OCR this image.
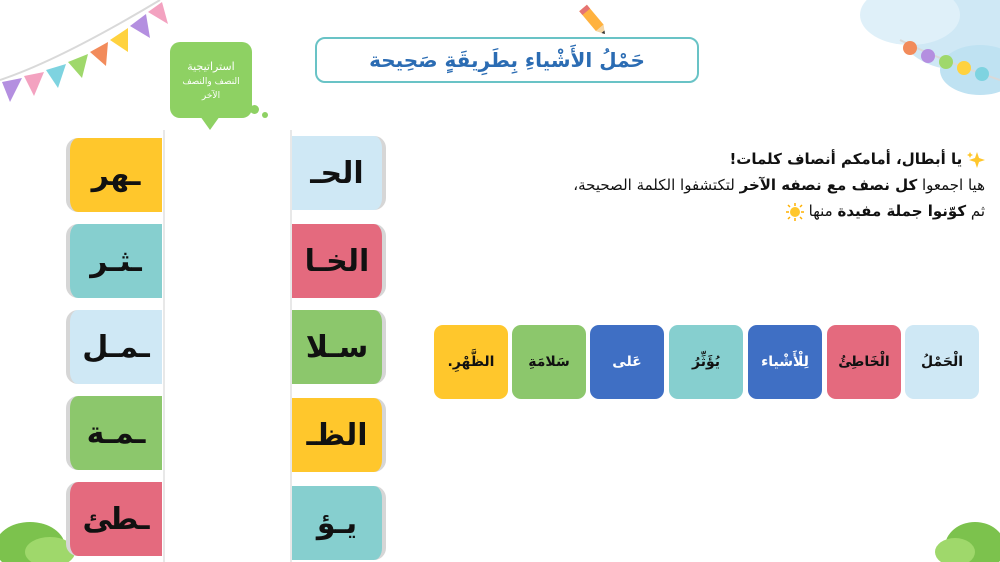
حَمْلُ الأَشْياءِ بِطَرِيقَةٍ صَحِيحة
استراتيجية
النصف والنصف
الآخر
ـهر
ـثـر
ـمـل
ـمـة
ـطئ
الحـ
الخـا
سـلا
الظـ
يـؤ
يا أبطال، أمامكم أنصاف كلمات!
هيا اجمعوا كل نصف مع نصفه الآخر لتكتشفوا الكلمة الصحيحة،
ثم كوّنوا جملة مفيدة منها
الْحَمْلُ
الْخَاطِئُ
لِلْأَشْياء
يُؤَثِّرُ
عَلى
سَلامَةِ
الظَّهْرِ.
